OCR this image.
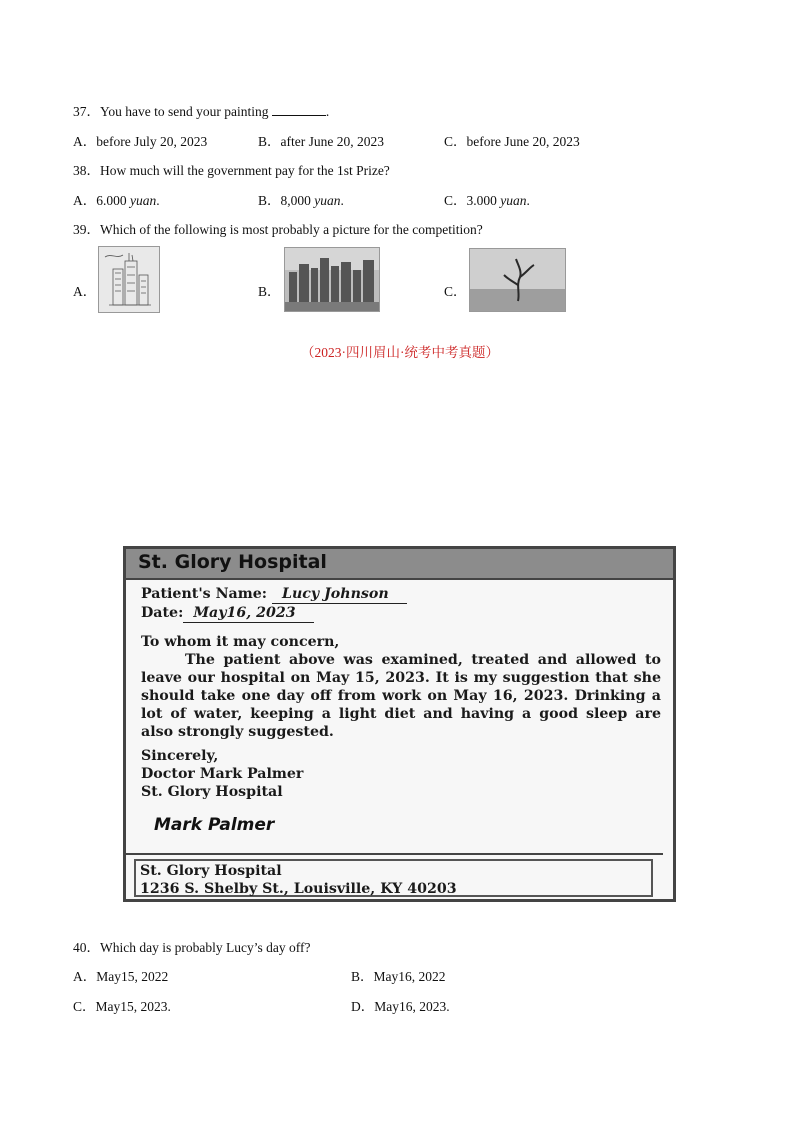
37．You have to send your painting	.
A．before July 20, 2023	B．after June 20, 2023	C．before June 20, 2023
38．How much will the government pay for the 1st Prize?
A．6.000 yuan.	B．8,000 yuan.	C．3.000 yuan.
39．Which of the following is most probably a picture for the competition?
A．	B．	C．
（2023·四川眉山·统考中考真题）
St. Glory Hospital
Patient's Name: Lucy Johnson
Date: May16, 2023
To whom it may concern,
The patient above was examined, treated and allowed to leave our hospital on May 15, 2023. It is my suggestion that she should take one day off from work on May 16, 2023. Drinking a lot of water, keeping a light diet and having a good sleep are also strongly suggested.
Sincerely,
Doctor Mark Palmer
St. Glory Hospital
Mark Palmer
St. Glory Hospital
1236 S. Shelby St., Louisville, KY 40203
40．Which day is probably Lucy’s day off?
A．May15, 2022	B．May16, 2022
C．May15, 2023.	D．May16, 2023.
